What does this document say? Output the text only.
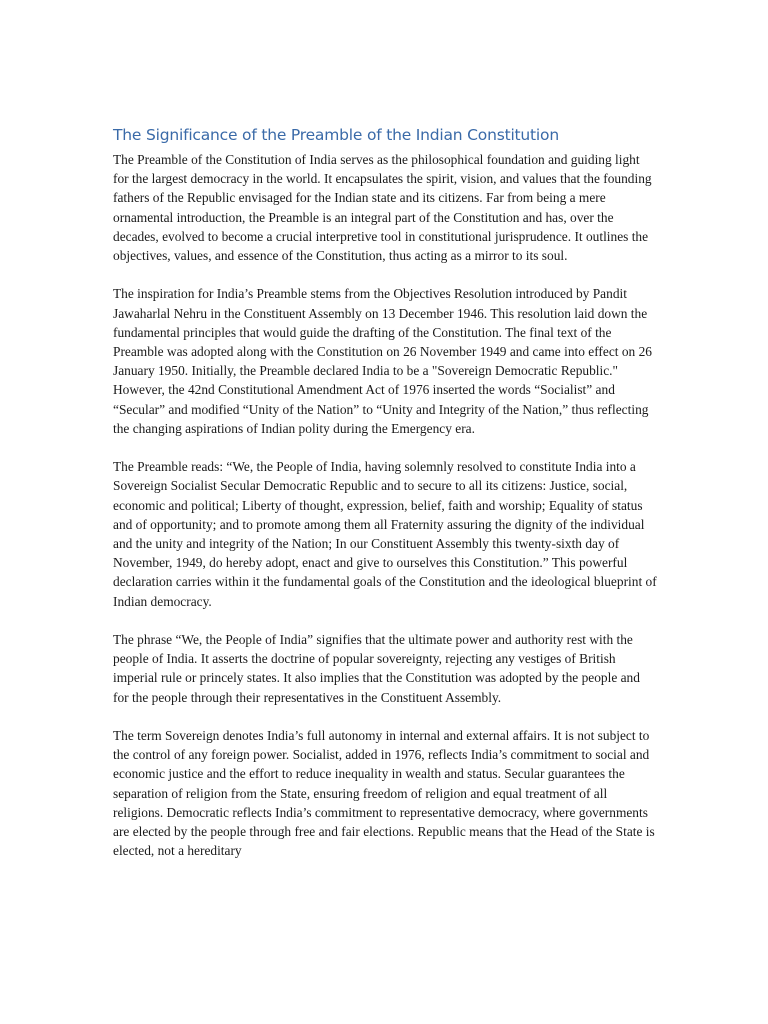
The Significance of the Preamble of the Indian Constitution

The Preamble of the Constitution of India serves as the philosophical foundation and guiding light for the largest democracy in the world. It encapsulates the spirit, vision, and values that the founding fathers of the Republic envisaged for the Indian state and its citizens. Far from being a mere ornamental introduction, the Preamble is an integral part of the Constitution and has, over the decades, evolved to become a crucial interpretive tool in constitutional jurisprudence. It outlines the objectives, values, and essence of the Constitution, thus acting as a mirror to its soul.

The inspiration for India’s Preamble stems from the Objectives Resolution introduced by Pandit Jawaharlal Nehru in the Constituent Assembly on 13 December 1946. This resolution laid down the fundamental principles that would guide the drafting of the Constitution. The final text of the Preamble was adopted along with the Constitution on 26 November 1949 and came into effect on 26 January 1950. Initially, the Preamble declared India to be a "Sovereign Democratic Republic." However, the 42nd Constitutional Amendment Act of 1976 inserted the words “Socialist” and “Secular” and modified “Unity of the Nation” to “Unity and Integrity of the Nation,” thus reflecting the changing aspirations of Indian polity during the Emergency era.

The Preamble reads: “We, the People of India, having solemnly resolved to constitute India into a Sovereign Socialist Secular Democratic Republic and to secure to all its citizens: Justice, social, economic and political; Liberty of thought, expression, belief, faith and worship; Equality of status and of opportunity; and to promote among them all Fraternity assuring the dignity of the individual and the unity and integrity of the Nation; In our Constituent Assembly this twenty-sixth day of November, 1949, do hereby adopt, enact and give to ourselves this Constitution.” This powerful declaration carries within it the fundamental goals of the Constitution and the ideological blueprint of Indian democracy.

The phrase “We, the People of India” signifies that the ultimate power and authority rest with the people of India. It asserts the doctrine of popular sovereignty, rejecting any vestiges of British imperial rule or princely states. It also implies that the Constitution was adopted by the people and for the people through their representatives in the Constituent Assembly.

The term Sovereign denotes India’s full autonomy in internal and external affairs. It is not subject to the control of any foreign power. Socialist, added in 1976, reflects India’s commitment to social and economic justice and the effort to reduce inequality in wealth and status. Secular guarantees the separation of religion from the State, ensuring freedom of religion and equal treatment of all religions. Democratic reflects India’s commitment to representative democracy, where governments are elected by the people through free and fair elections. Republic means that the Head of the State is elected, not a hereditary
